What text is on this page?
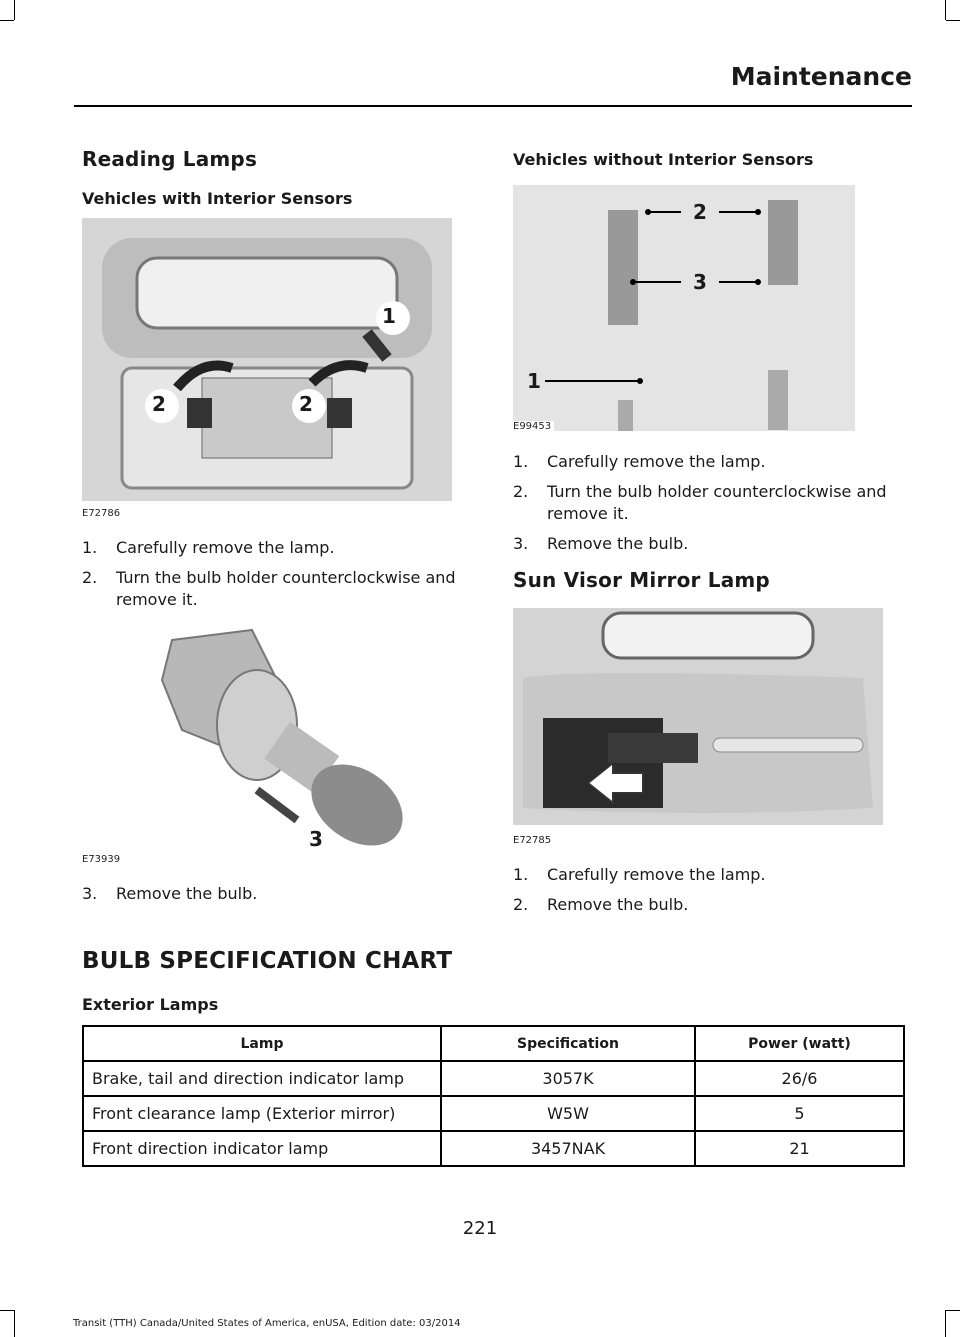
Maintenance
Reading Lamps
Vehicles with Interior Sensors
1
2	2
E72786
1. Carefully remove the lamp.
2. Turn the bulb holder counterclockwise and remove it.
3
E73939
3. Remove the bulb.
Vehicles without Interior Sensors
2
3
1
E99453
1. Carefully remove the lamp.
2. Turn the bulb holder counterclockwise and remove it.
3. Remove the bulb.
Sun Visor Mirror Lamp
E72785
1. Carefully remove the lamp.
2. Remove the bulb.
BULB SPECIFICATION CHART
Exterior Lamps
Lamp	Specification	Power (watt)
Brake, tail and direction indicator lamp	3057K	26/6
Front clearance lamp (Exterior mirror)	W5W	5
Front direction indicator lamp	3457NAK	21
221
Transit (TTH) Canada/United States of America, enUSA, Edition date: 03/2014
